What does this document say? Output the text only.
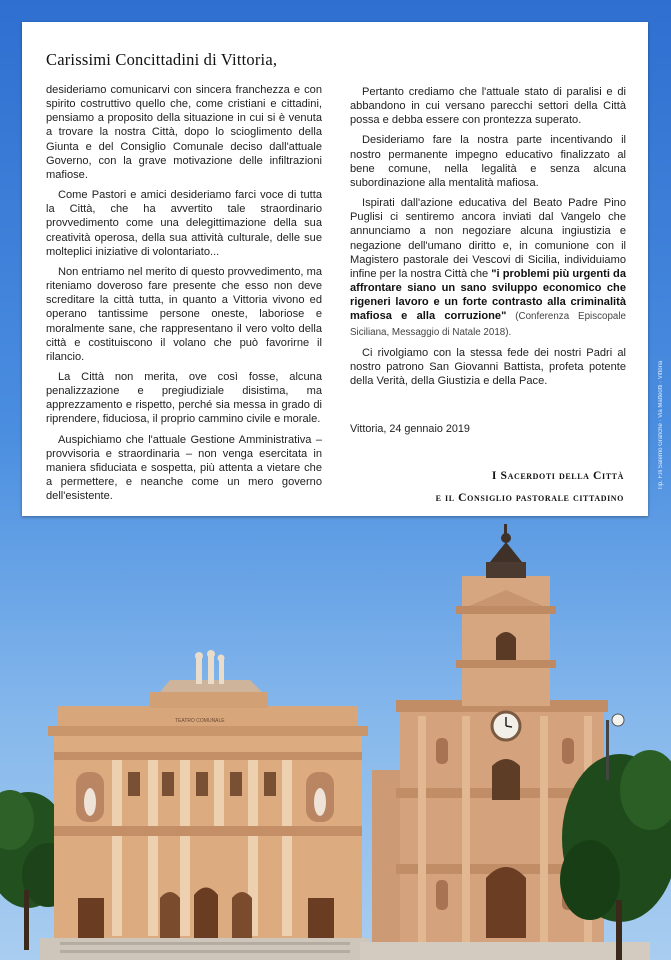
Carissimi Concittadini di Vittoria,

desideriamo comunicarvi con sincera franchezza e con spirito costruttivo quello che, come cristiani e cittadini, pensiamo a proposito della situazione in cui si è venuta a trovare la nostra Città, dopo lo scioglimento della Giunta e del Consiglio Comunale deciso dall'attuale Governo, con la grave motivazione delle infiltrazioni mafiose.

Come Pastori e amici desideriamo farci voce di tutta la Città, che ha avvertito tale straordinario provvedimento come una delegittimazione della sua creatività operosa, della sua attività culturale, delle sue molteplici iniziative di volontariato...

Non entriamo nel merito di questo provvedimento, ma riteniamo doveroso fare presente che esso non deve screditare la città tutta, in quanto a Vittoria vivono ed operano tantissime persone oneste, laboriose e moralmente sane, che rappresentano il vero volto della città e costituiscono il volano che può favorirne il rilancio.

La Città non merita, ove così fosse, alcuna penalizzazione e pregiudiziale disistima, ma apprezzamento e rispetto, perché sia messa in grado di riprendere, fiduciosa, il proprio cammino civile e morale.

Auspichiamo che l'attuale Gestione Amministrativa – provvisoria e straordinaria – non venga esercitata in maniera sfiduciata e sospetta, più attenta a vietare che a permettere, e neanche come un mero governo dell'esistente.

Pertanto crediamo che l'attuale stato di paralisi e di abbandono in cui versano parecchi settori della Città possa e debba essere con prontezza superato.

Desideriamo fare la nostra parte incentivando il nostro permanente impegno educativo finalizzato al bene comune, nella legalità e senza alcuna subordinazione alla mentalità mafiosa.

Ispirati dall'azione educativa del Beato Padre Pino Puglisi ci sentiremo ancora inviati dal Vangelo che annunciamo a non negoziare alcuna ingiustizia e negazione dell'umano diritto e, in comunione con il Magistero pastorale dei Vescovi di Sicilia, individuiamo infine per la nostra Città che "i problemi più urgenti da affrontare siano un sano sviluppo economico che rigeneri lavoro e un forte contrasto alla criminalità mafiosa e alla corruzione" (Conferenza Episcopale Siciliana, Messaggio di Natale 2018).

Ci rivolgiamo con la stessa fede dei nostri Padri al nostro patrono San Giovanni Battista, profeta potente della Verità, della Giustizia e della Pace.

Vittoria, 24 gennaio 2019
I Sacerdoti della Città
e il Consiglio pastorale cittadino
Tip. F.lli Salerno Grafiche · Via Matteotti · Vittoria
TEATRO COMUNALE
